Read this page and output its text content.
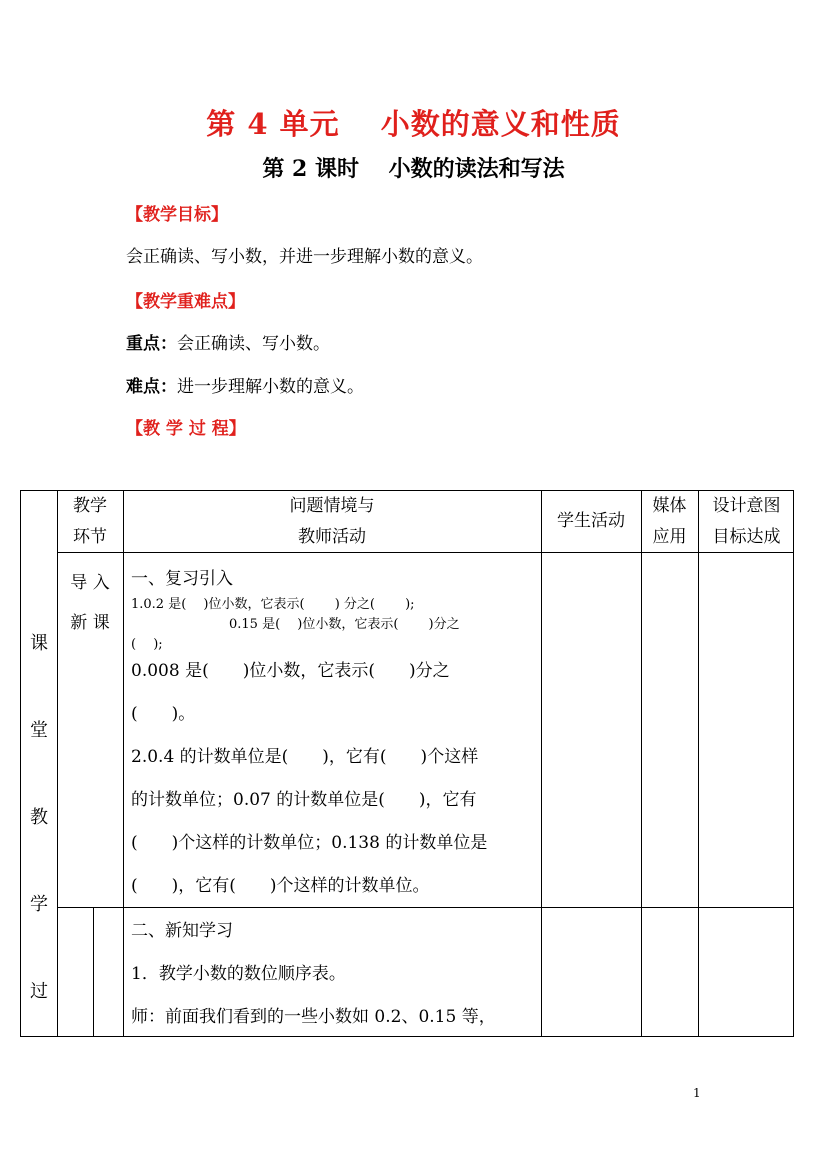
第 4 单元　 小数的意义和性质
第 2 课时　 小数的读法和写法
【教学目标】
会正确读、写小数，并进一步理解小数的意义。
【教学重难点】
重点：会正确读、写小数。
难点：进一步理解小数的意义。
【教 学 过 程】
课
堂
教
学
过
教学
环节
问题情境与
教师活动
学生活动
媒体
应用
设计意图
目标达成
导 入
新 课
一、复习引入
1.0.2 是(　 )位小数，它表示(　　 ) 分之(　　 );
0.15 是(　 )位小数，它表示(　　 )分之
(　 );
0.008 是(　　)位小数，它表示(　　)分之
(　　)。
2.0.4 的计数单位是(　　)，它有(　　)个这样
的计数单位；0.07 的计数单位是(　　)，它有
(　　)个这样的计数单位；0.138 的计数单位是
(　　)，它有(　　)个这样的计数单位。
二、新知学习
1．教学小数的数位顺序表。
师：前面我们看到的一些小数如 0.2、0.15 等，
1
